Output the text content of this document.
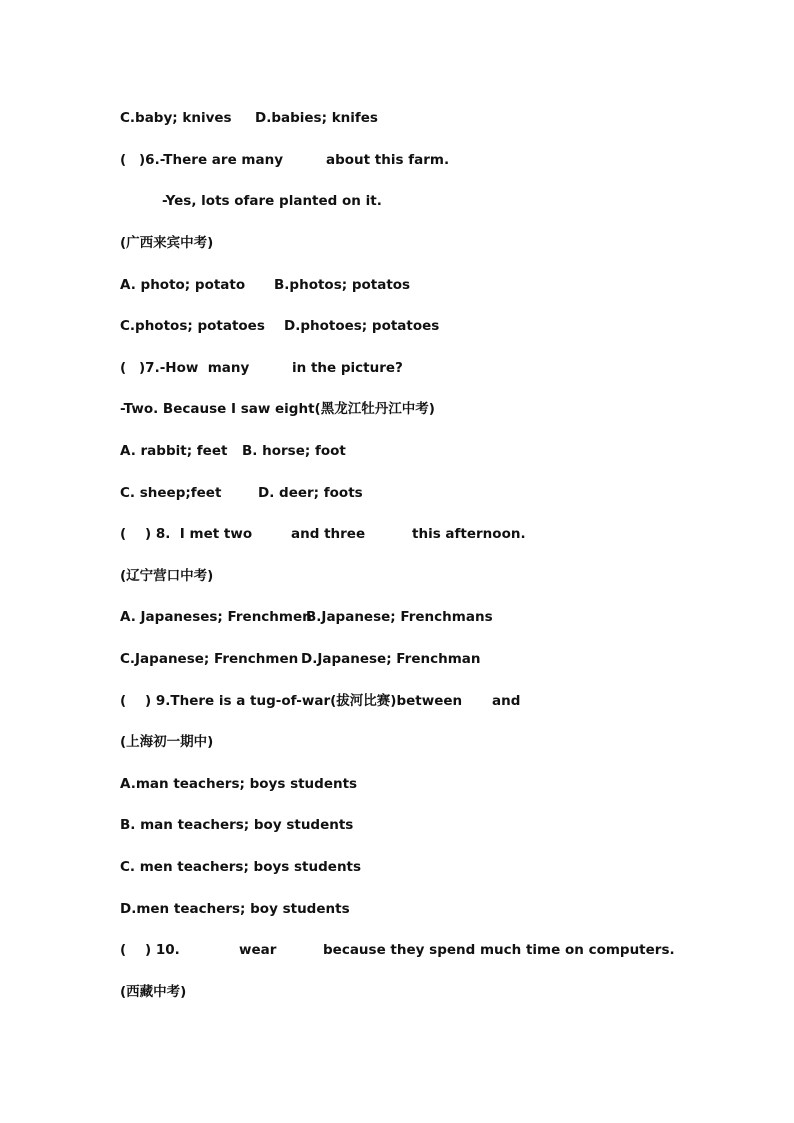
C.baby; knives

D.babies; knifes

(

)6.-There are many

	about this farm.

-Yes, lots ofare planted on it.

(广西来宾中考)

A. photo; potato

B.photos; potatos

C.photos; potatoes

D.photoes; potatoes

(

)7.-How  many

	in the picture?

-Two. Because I saw eight(黑龙江牡丹江中考)

A. rabbit; feet

B. horse; foot

C. sheep;feet

	D. deer; foots

(

) 8.  I met two

	and three

	this afternoon.

(辽宁营口中考)

A. Japaneses; Frenchmen

B.Japanese; Frenchmans

C.Japanese; Frenchmen

D.Japanese; Frenchman

(

) 9.There is a tug-of-war(拔河比赛)between

and

(上海初一期中)

A.man teachers; boys students

B. man teachers; boy students

C. men teachers; boys students

D.men teachers; boy students

(

) 10.

	wear

	because they spend much time on computers.

(西藏中考)
